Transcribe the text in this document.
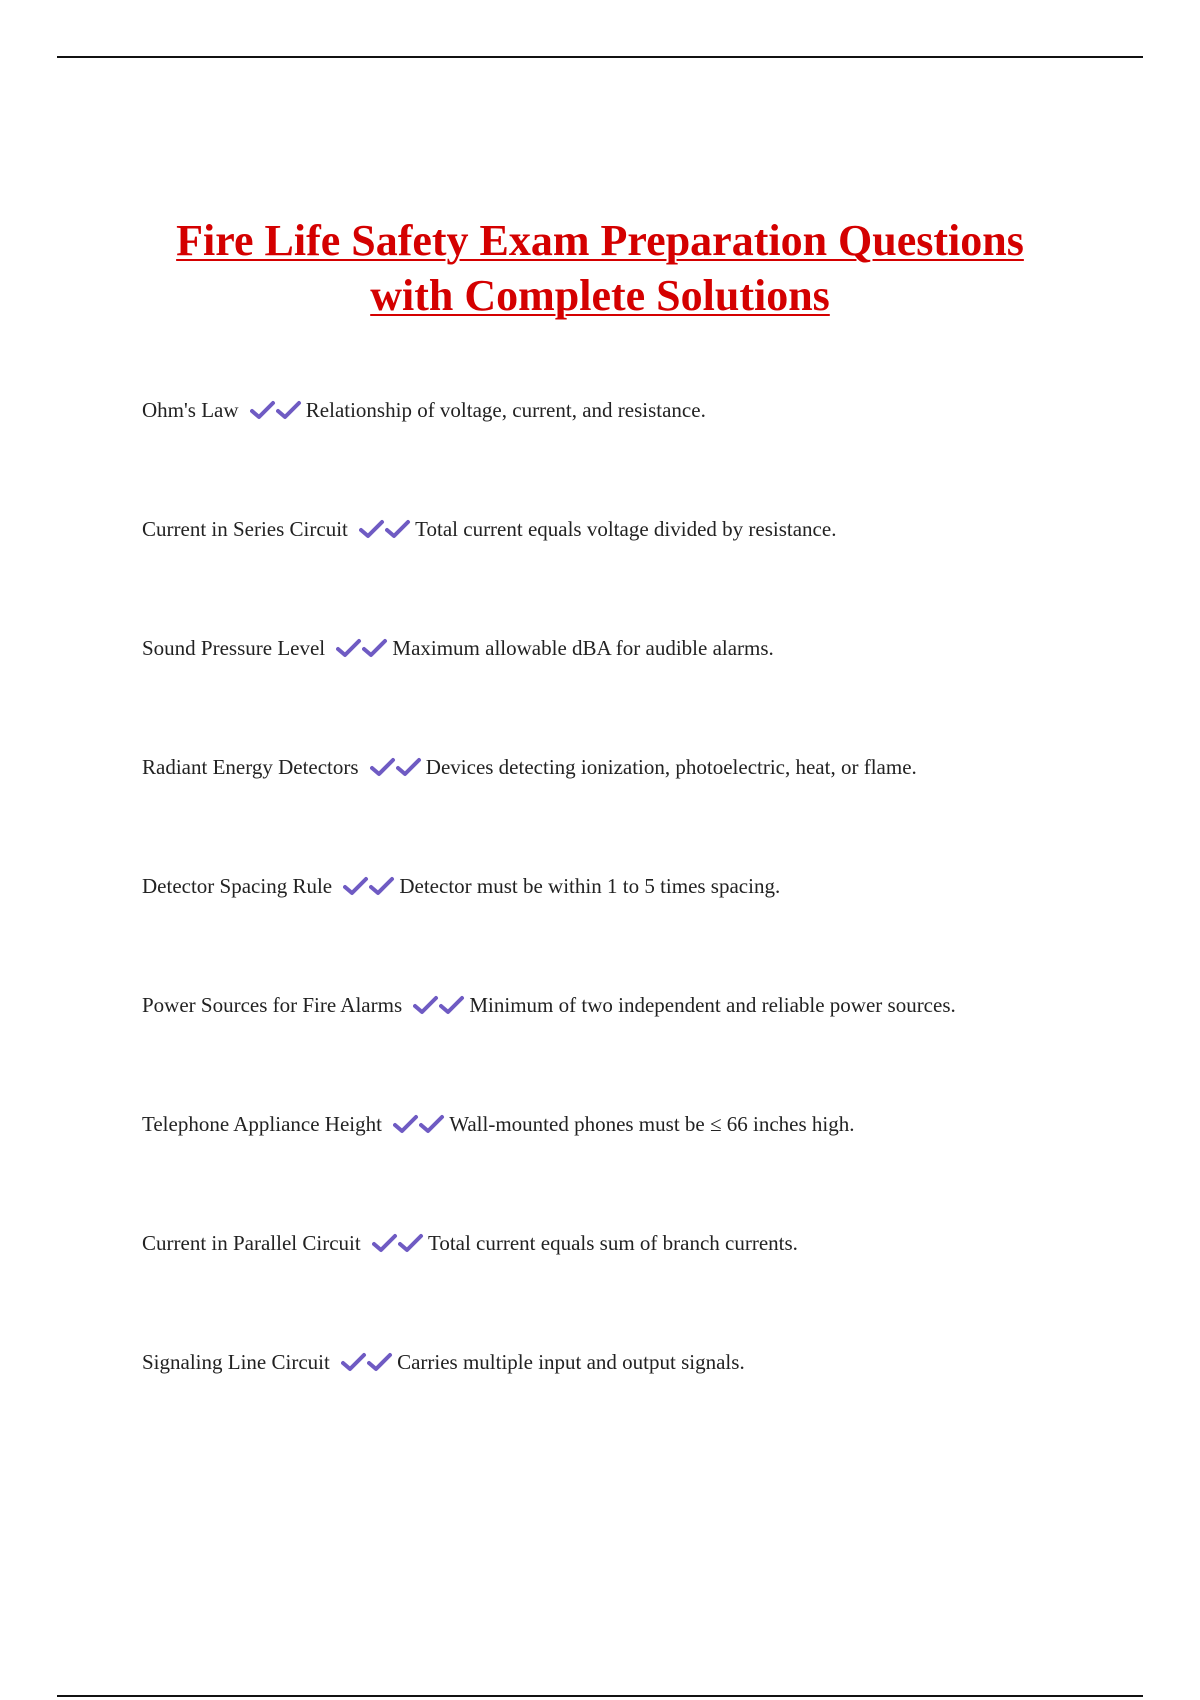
Fire Life Safety Exam Preparation Questions
with Complete Solutions
Ohm's Law	Relationship of voltage, current, and resistance.
Current in Series Circuit	Total current equals voltage divided by resistance.
Sound Pressure Level	Maximum allowable dBA for audible alarms.
Radiant Energy Detectors	Devices detecting ionization, photoelectric, heat, or flame.
Detector Spacing Rule	Detector must be within 1 to 5 times spacing.
Power Sources for Fire Alarms	Minimum of two independent and reliable power sources.
Telephone Appliance Height	Wall-mounted phones must be ≤ 66 inches high.
Current in Parallel Circuit	Total current equals sum of branch currents.
Signaling Line Circuit	Carries multiple input and output signals.
